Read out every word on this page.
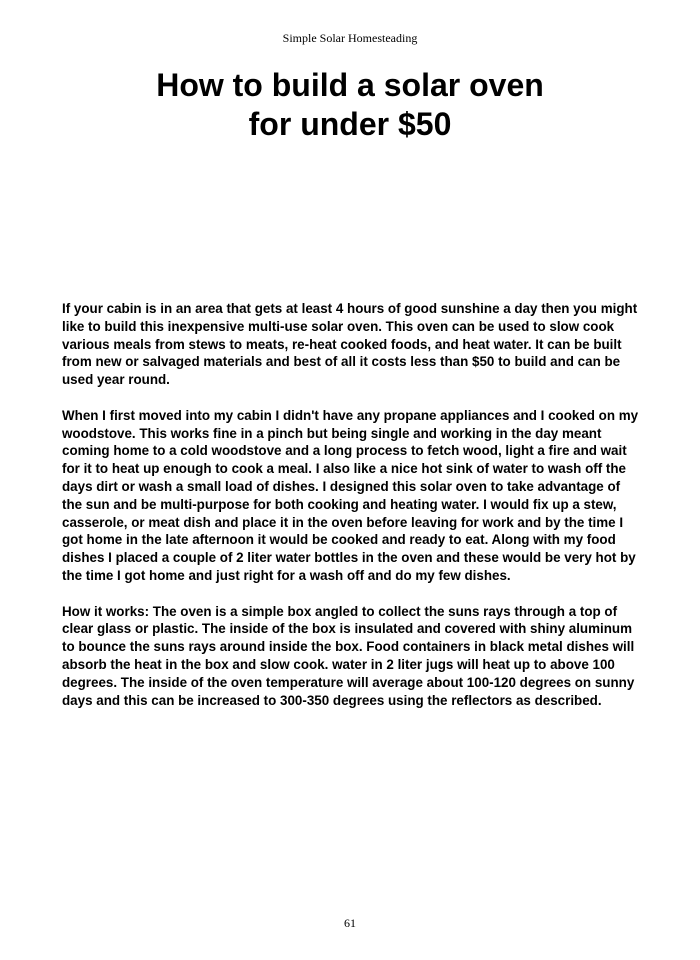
Simple Solar Homesteading
How to build a solar oven
for under $50

If your cabin is in an area that gets at least 4 hours of good sunshine a day then you might like to build this inexpensive multi-use solar oven. This oven can be used to slow cook various meals from stews to meats, re-heat cooked foods, and heat water. It can be built from new or salvaged materials and best of all it costs less than $50 to build and can be used year round.

When I first moved into my cabin I didn't have any propane appliances and I cooked on my woodstove. This works fine in a pinch but being single and working in the day meant coming home to a cold woodstove and a long process to fetch wood, light a fire and wait for it to heat up enough to cook a meal. I also like a nice hot sink of water to wash off the days dirt or wash a small load of dishes. I designed this solar oven to take advantage of the sun and be multi-purpose for both cooking and heating water. I would fix up a stew, casserole, or meat dish and place it in the oven before leaving for work and by the time I got home in the late afternoon it would be cooked and ready to eat. Along with my food dishes I placed a couple of 2 liter water bottles in the oven and these would be very hot by the time I got home and just right for a wash off and do my few dishes.

How it works: The oven is a simple box angled to collect the suns rays through a top of clear glass or plastic. The inside of the box is insulated and covered with shiny aluminum to bounce the suns rays around inside the box. Food containers in black metal dishes will absorb the heat in the box and slow cook. water in 2 liter jugs will heat up to above 100 degrees. The inside of the oven temperature will average about 100-120 degrees on sunny days and this can be increased to 300-350 degrees using the reflectors as described.

61
